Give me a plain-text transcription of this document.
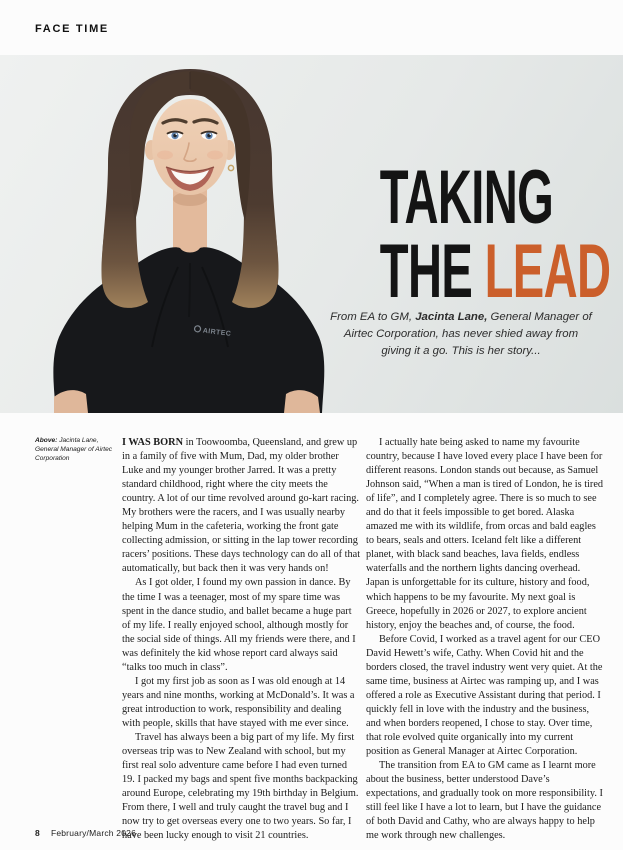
FACE TIME
AIRTEC
TAKING
THE LEAD
From EA to GM, Jacinta Lane, General Manager of Airtec Corporation, has never shied away from giving it a go. This is her story...
Above: Jacinta Lane, General Manager of Airtec Corporation

I WAS BORN in Toowoomba, Queensland, and grew up in a family of five with Mum, Dad, my older brother Luke and my younger brother Jarred. It was a pretty standard childhood, right where the city meets the country. A lot of our time revolved around go-kart racing. My brothers were the racers, and I was usually nearby helping Mum in the cafeteria, working the front gate collecting admission, or sitting in the lap tower recording racers’ positions. These days technology can do all of that automatically, but back then it was very hands on!

As I got older, I found my own passion in dance. By the time I was a teenager, most of my spare time was spent in the dance studio, and ballet became a huge part of my life. I really enjoyed school, although mostly for the social side of things. All my friends were there, and I was definitely the kid whose report card always said “talks too much in class”.

I got my first job as soon as I was old enough at 14 years and nine months, working at McDonald’s. It was a great introduction to work, responsibility and dealing with people, skills that have stayed with me ever since.

Travel has always been a big part of my life. My first overseas trip was to New Zealand with school, but my first real solo adventure came before I had even turned 19. I packed my bags and spent five months backpacking around Europe, celebrating my 19th birthday in Belgium. From there, I well and truly caught the travel bug and I now try to get overseas every one to two years. So far, I have been lucky enough to visit 21 countries.

I actually hate being asked to name my favourite country, because I have loved every place I have been for different reasons. London stands out because, as Samuel Johnson said, “When a man is tired of London, he is tired of life”, and I completely agree. There is so much to see and do that it feels impossible to get bored. Alaska amazed me with its wildlife, from orcas and bald eagles to bears, seals and otters. Iceland felt like a different planet, with black sand beaches, lava fields, endless waterfalls and the northern lights dancing overhead. Japan is unforgettable for its culture, history and food, which happens to be my favourite. My next goal is Greece, hopefully in 2026 or 2027, to explore ancient history, enjoy the beaches and, of course, the food.

Before Covid, I worked as a travel agent for our CEO David Hewett’s wife, Cathy. When Covid hit and the borders closed, the travel industry went very quiet. At the same time, business at Airtec was ramping up, and I was offered a role as Executive Assistant during that period. I quickly fell in love with the industry and the business, and when borders reopened, I chose to stay. Over time, that role evolved quite organically into my current position as General Manager at Airtec Corporation.

The transition from EA to GM came as I learnt more about the business, better understood Dave’s expectations, and gradually took on more responsibility. I still feel like I have a lot to learn, but I have the guidance of both David and Cathy, who are always happy to help me work through new challenges.

8 February/March 2026
